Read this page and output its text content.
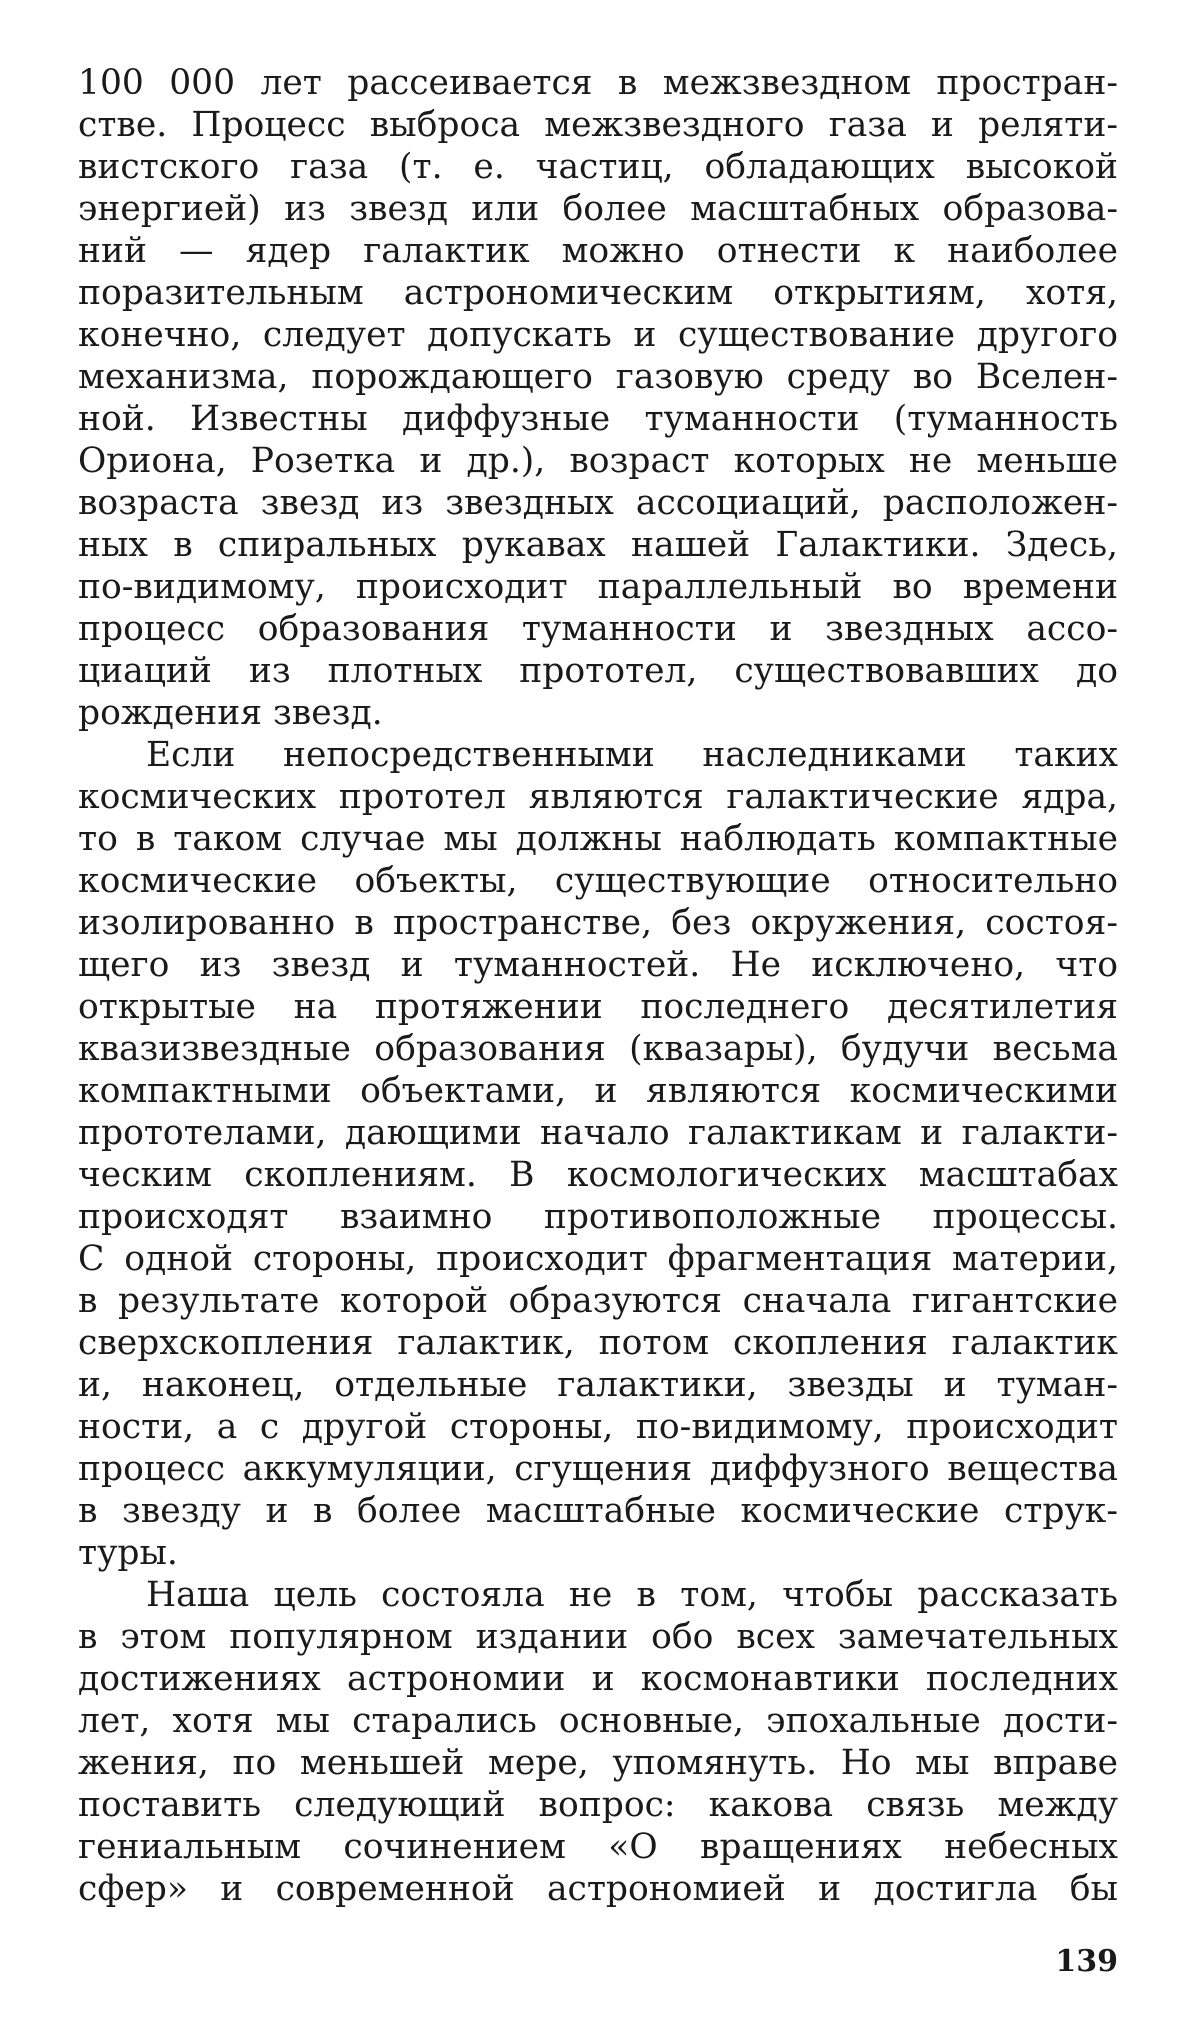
100 000 лет рассеивается в межзвездном простран-
стве. Процесс выброса межзвездного газа и реляти-
вистского газа (т. е. частиц, обладающих высокой
энергией) из звезд или более масштабных образова-
ний — ядер галактик можно отнести к наиболее
поразительным астрономическим открытиям, хотя,
конечно, следует допускать и существование другого
механизма, порождающего газовую среду во Вселен-
ной. Известны диффузные туманности (туманность
Ориона, Розетка и др.), возраст которых не меньше
возраста звезд из звездных ассоциаций, расположен-
ных в спиральных рукавах нашей Галактики. Здесь,
по-видимому, происходит параллельный во времени
процесс образования туманности и звездных ассо-
циаций из плотных прототел, существовавших до
рождения звезд.
Если непосредственными наследниками таких
космических прототел являются галактические ядра,
то в таком случае мы должны наблюдать компактные
космические объекты, существующие относительно
изолированно в пространстве, без окружения, состоя-
щего из звезд и туманностей. Не исключено, что
открытые на протяжении последнего десятилетия
квазизвездные образования (квазары), будучи весьма
компактными объектами, и являются космическими
прототелами, дающими начало галактикам и галакти-
ческим скоплениям. В космологических масштабах
происходят взаимно противоположные процессы.
С одной стороны, происходит фрагментация материи,
в результате которой образуются сначала гигантские
сверхскопления галактик, потом скопления галактик
и, наконец, отдельные галактики, звезды и туман-
ности, а с другой стороны, по-видимому, происходит
процесс аккумуляции, сгущения диффузного вещества
в звезду и в более масштабные космические струк-
туры.
Наша цель состояла не в том, чтобы рассказать
в этом популярном издании обо всех замечательных
достижениях астрономии и космонавтики последних
лет, хотя мы старались основные, эпохальные дости-
жения, по меньшей мере, упомянуть. Но мы вправе
поставить следующий вопрос: какова связь между
гениальным сочинением «О вращениях небесных
сфер» и современной астрономией и достигла бы
139
